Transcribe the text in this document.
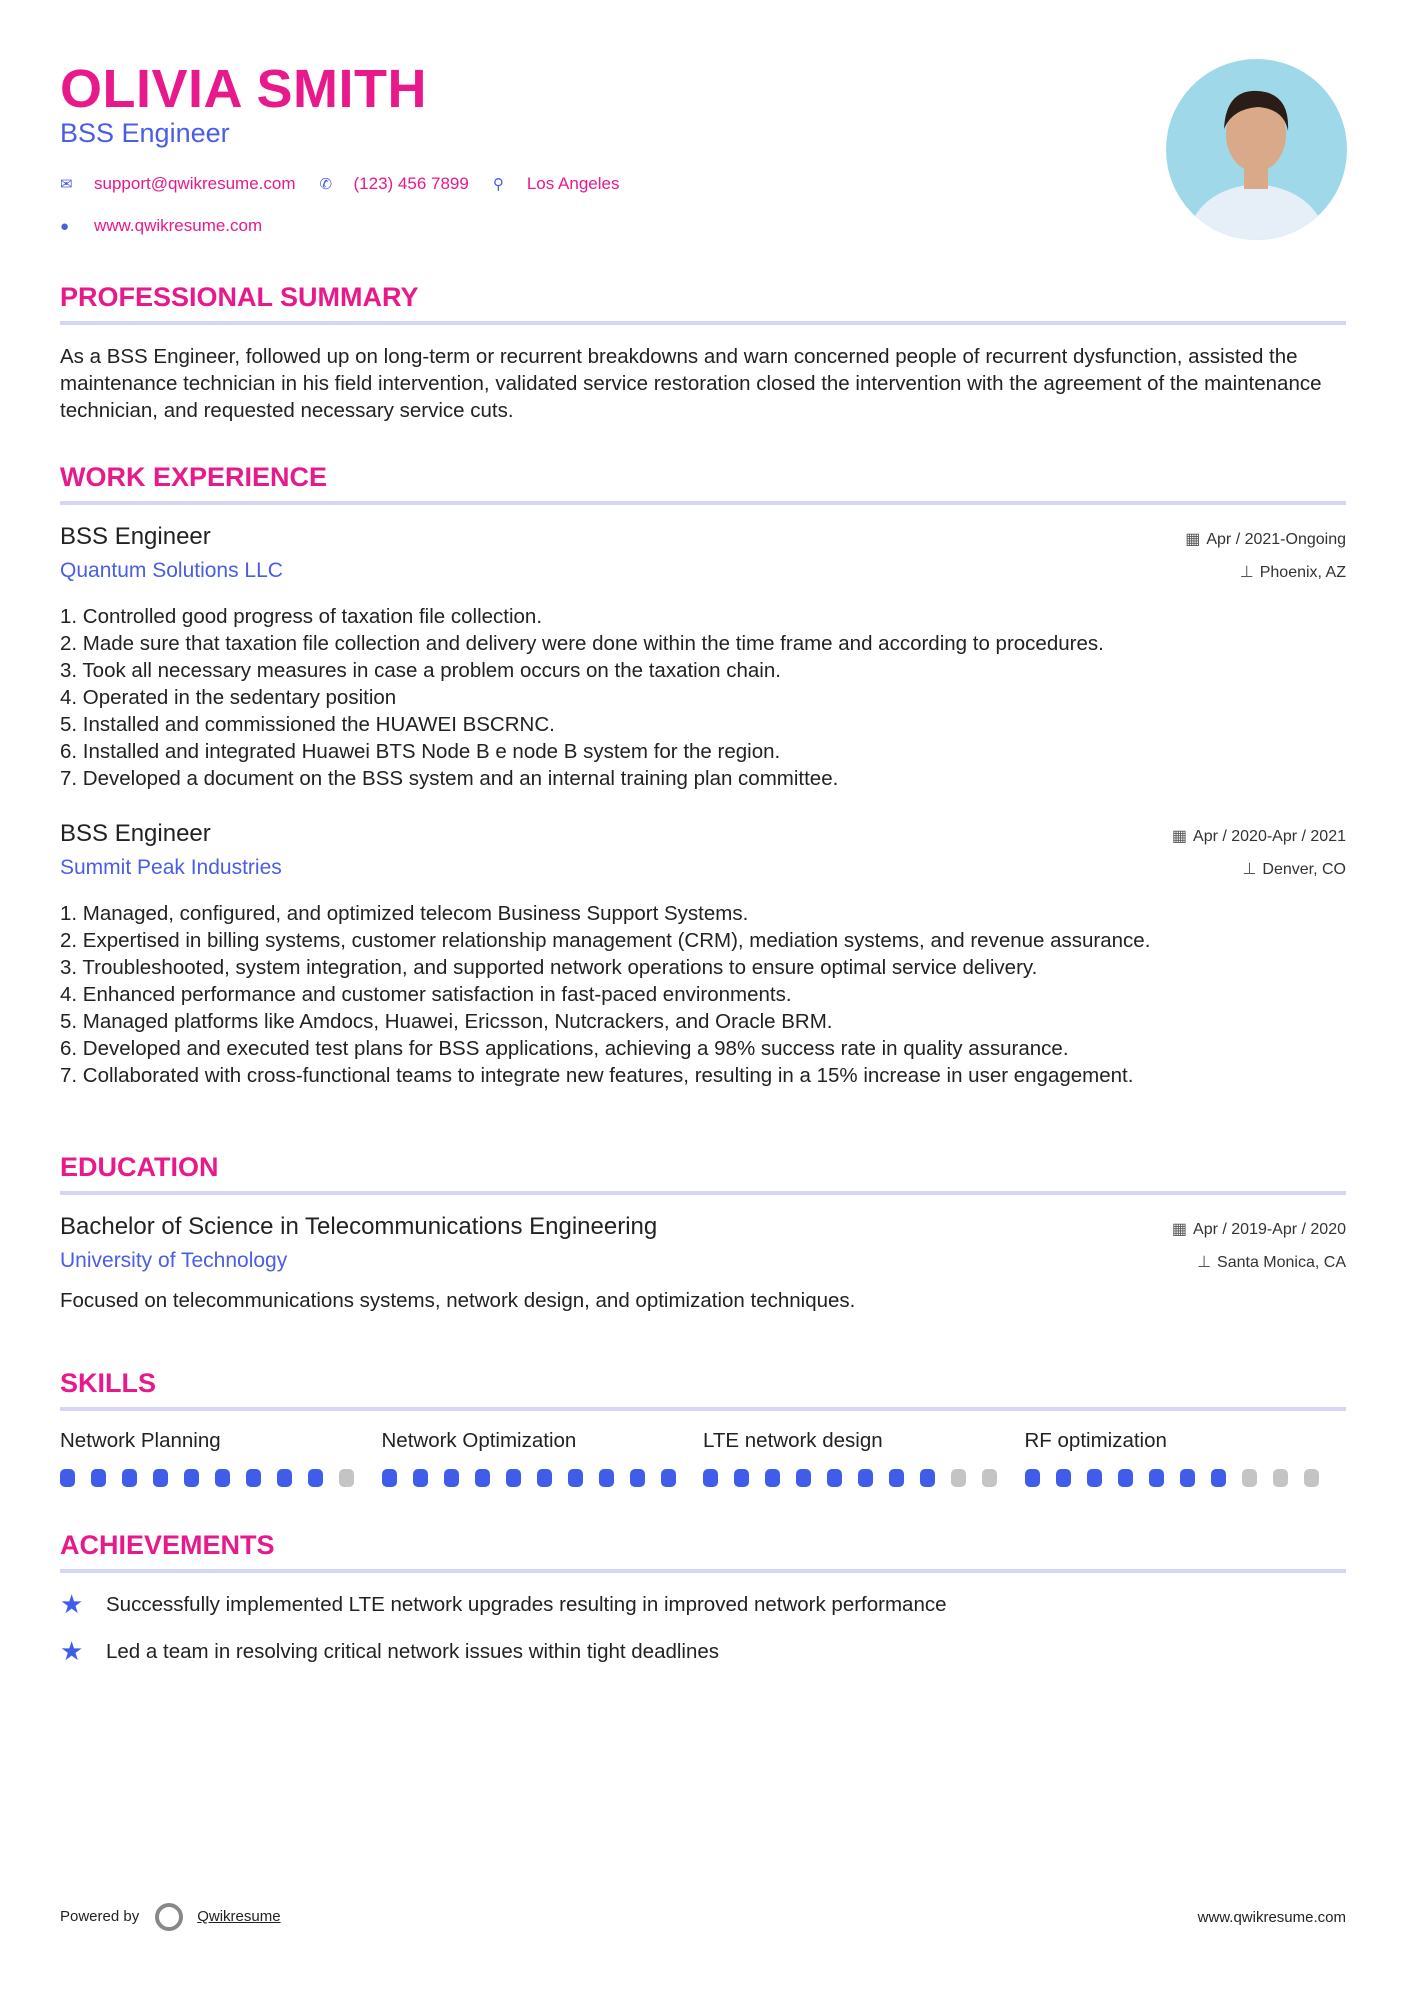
OLIVIA SMITH
BSS Engineer
✉	support@qwikresume.com ✆	(123) 456 7899 ⚲	Los Angeles
●	www.qwikresume.com
PROFESSIONAL SUMMARY

As a BSS Engineer, followed up on long-term or recurrent breakdowns and warn concerned people of recurrent dysfunction, assisted the maintenance technician in his field intervention, validated service restoration closed the intervention with the agreement of the maintenance technician, and requested necessary service cuts.

WORK EXPERIENCE
BSS Engineer
Quantum Solutions LLC
▦ Apr / 2021-Ongoing
⊥ Phoenix, AZ
1. Controlled good progress of taxation file collection.
2. Made sure that taxation file collection and delivery were done within the time frame and according to procedures.
3. Took all necessary measures in case a problem occurs on the taxation chain.
4. Operated in the sedentary position
5. Installed and commissioned the HUAWEI BSCRNC.
6. Installed and integrated Huawei BTS Node B e node B system for the region.
7. Developed a document on the BSS system and an internal training plan committee.
BSS Engineer
Summit Peak Industries
▦ Apr / 2020-Apr / 2021
⊥ Denver, CO
1. Managed, configured, and optimized telecom Business Support Systems.
2. Expertised in billing systems, customer relationship management (CRM), mediation systems, and revenue assurance.
3. Troubleshooted, system integration, and supported network operations to ensure optimal service delivery.
4. Enhanced performance and customer satisfaction in fast-paced environments.
5. Managed platforms like Amdocs, Huawei, Ericsson, Nutcrackers, and Oracle BRM.
6. Developed and executed test plans for BSS applications, achieving a 98% success rate in quality assurance.
7. Collaborated with cross-functional teams to integrate new features, resulting in a 15% increase in user engagement.
EDUCATION
Bachelor of Science in Telecommunications Engineering
University of Technology
▦ Apr / 2019-Apr / 2020
⊥ Santa Monica, CA

Focused on telecommunications systems, network design, and optimization techniques.

SKILLS
Network Planning	Network Optimization	LTE network design	RF optimization
ACHIEVEMENTS
★	Successfully implemented LTE network upgrades resulting in improved network performance
★	Led a team in resolving critical network issues within tight deadlines
Powered by	Qwikresume	www.qwikresume.com
